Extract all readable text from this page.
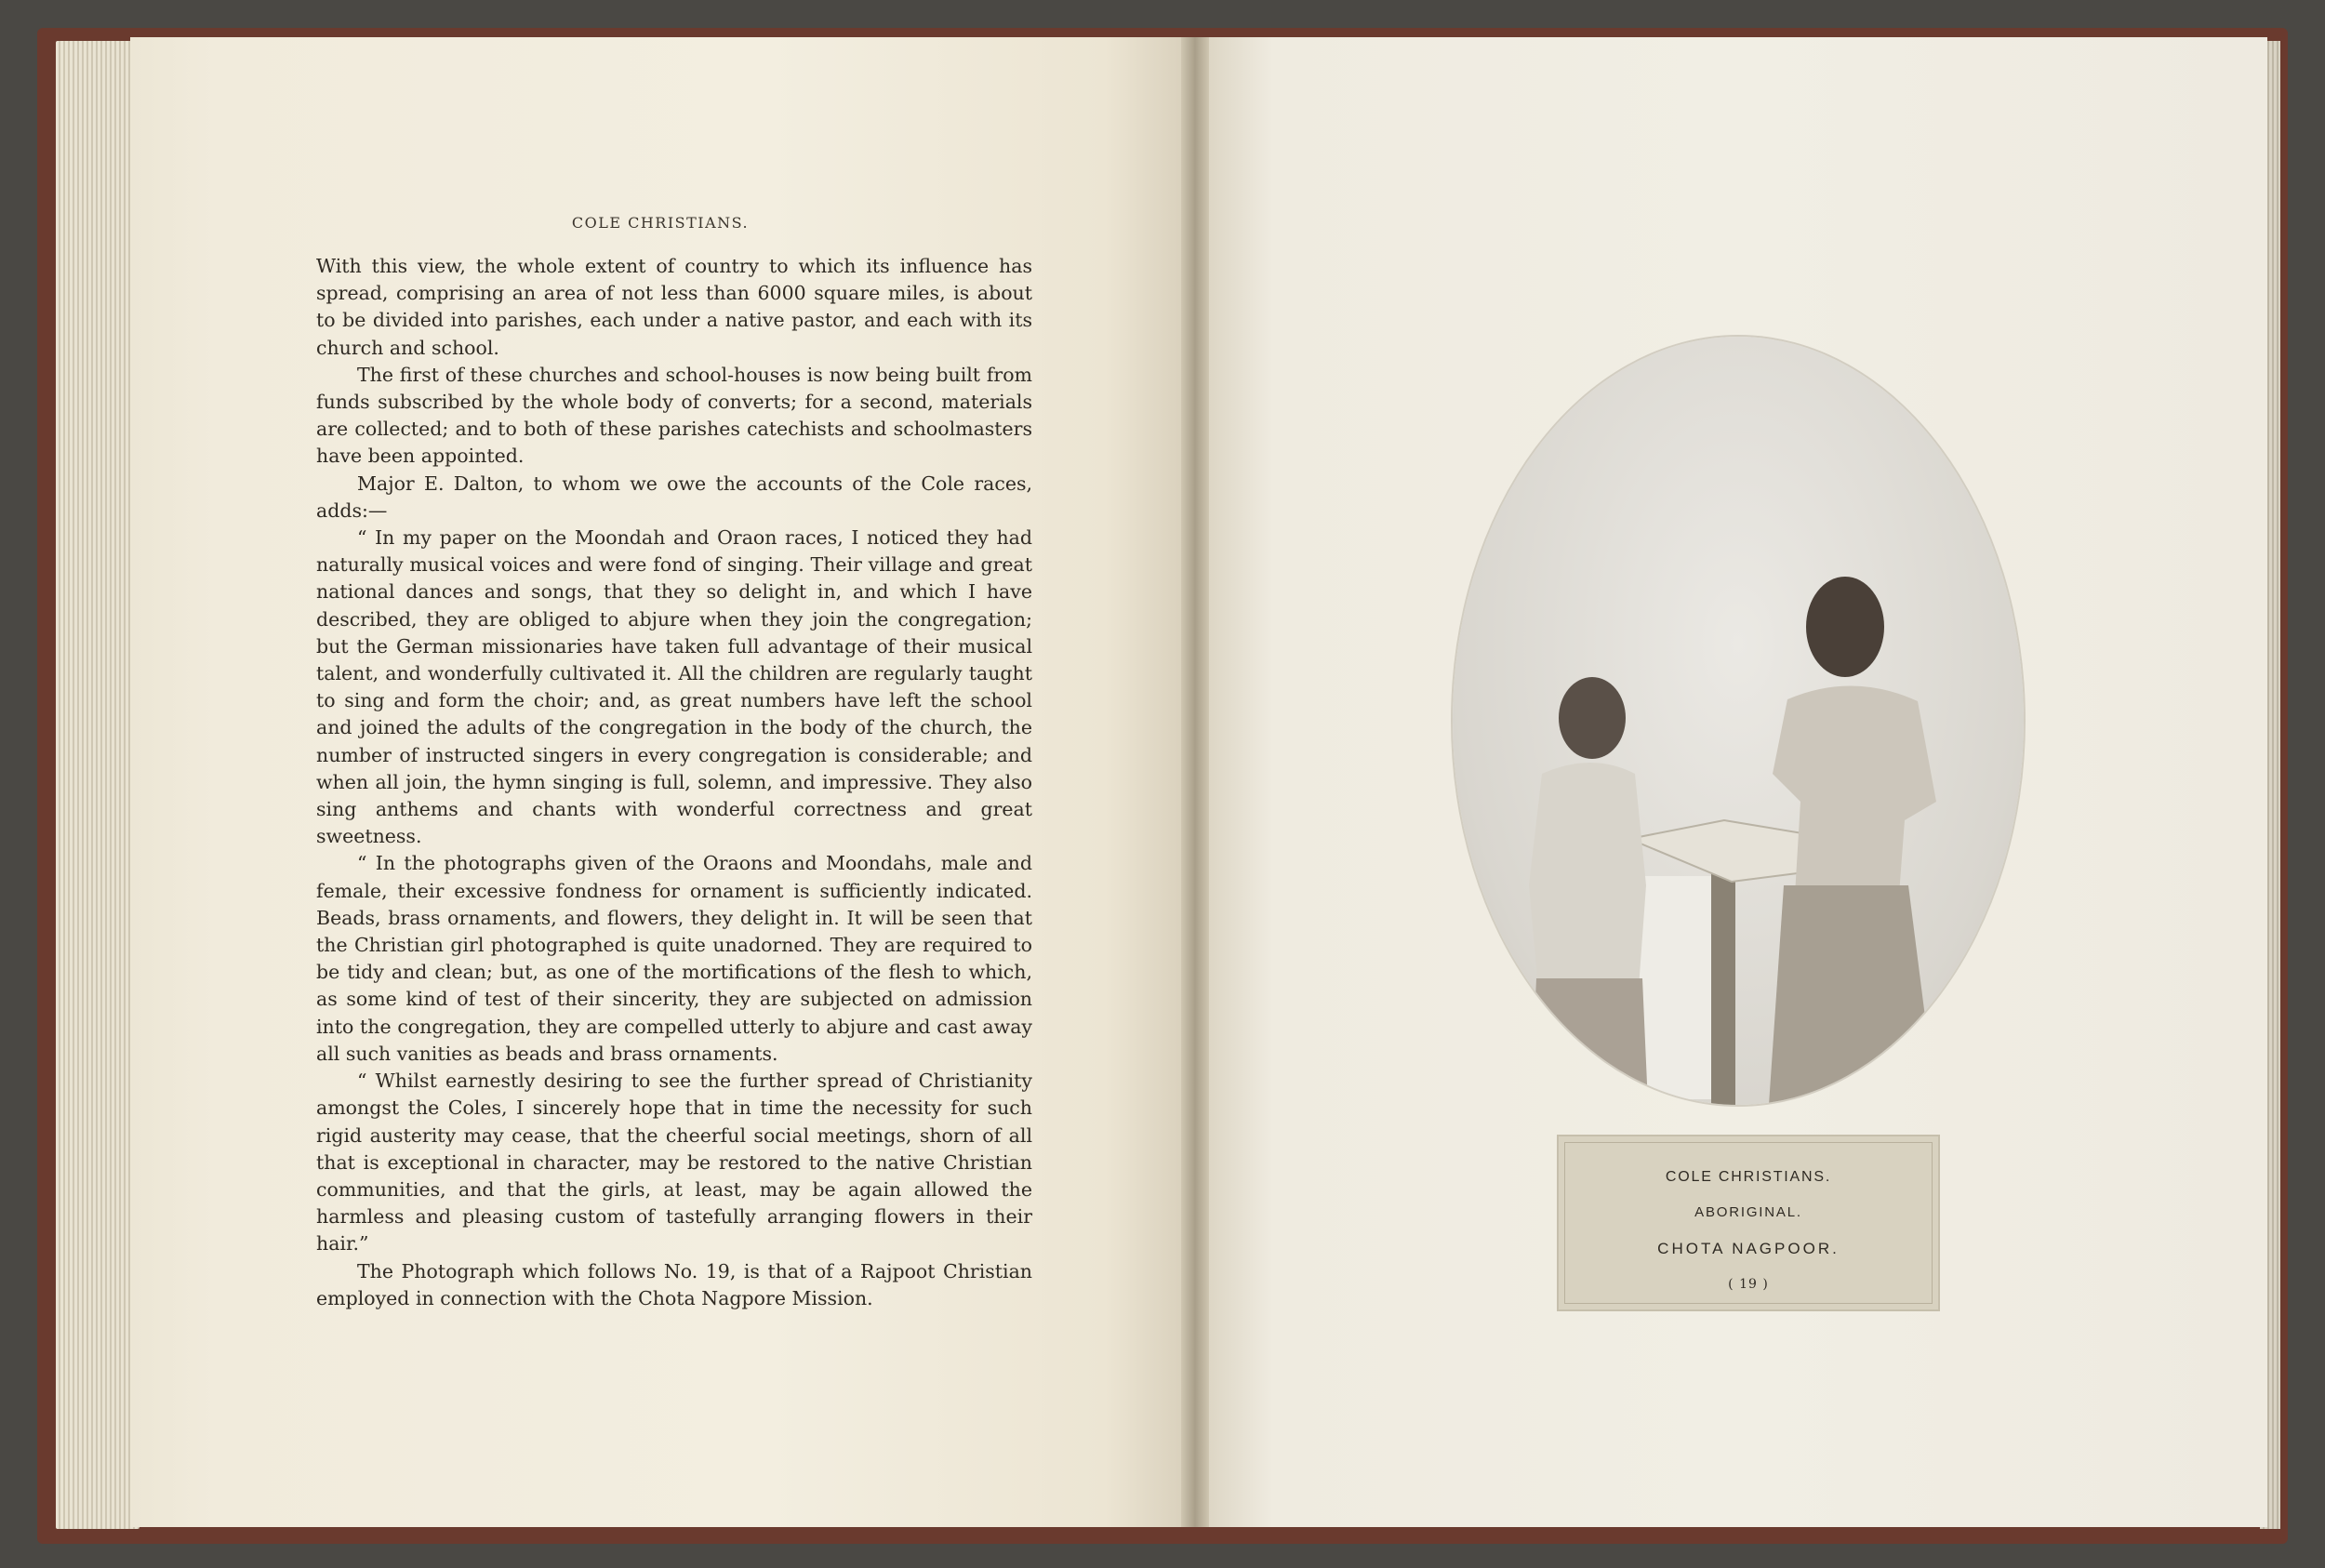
COLE CHRISTIANS.

With this view, the whole extent of country to which its influence has spread, comprising an area of not less than 6000 square miles, is about to be divided into parishes, each under a native pastor, and each with its church and school.

The first of these churches and school-houses is now being built from funds subscribed by the whole body of converts; for a second, materials are collected; and to both of these parishes catechists and schoolmasters have been appointed.

Major E. Dalton, to whom we owe the accounts of the Cole races, adds:—

“ In my paper on the Moondah and Oraon races, I noticed they had naturally musical voices and were fond of singing. Their village and great national dances and songs, that they so delight in, and which I have described, they are obliged to abjure when they join the congregation; but the German missionaries have taken full advantage of their musical talent, and wonderfully cultivated it. All the children are regularly taught to sing and form the choir; and, as great numbers have left the school and joined the adults of the congregation in the body of the church, the number of instructed singers in every congregation is considerable; and when all join, the hymn singing is full, solemn, and impressive. They also sing anthems and chants with wonderful correctness and great sweetness.

“ In the photographs given of the Oraons and Moondahs, male and female, their excessive fondness for ornament is sufficiently indicated. Beads, brass ornaments, and flowers, they delight in. It will be seen that the Christian girl photographed is quite unadorned. They are required to be tidy and clean; but, as one of the mortifications of the flesh to which, as some kind of test of their sincerity, they are subjected on admission into the congregation, they are compelled utterly to abjure and cast away all such vanities as beads and brass ornaments.

“ Whilst earnestly desiring to see the further spread of Christianity amongst the Coles, I sincerely hope that in time the necessity for such rigid austerity may cease, that the cheerful social meetings, shorn of all that is exceptional in character, may be restored to the native Christian communities, and that the girls, at least, may be again allowed the harmless and pleasing custom of tastefully arranging flowers in their hair.”

The Photograph which follows No. 19, is that of a Rajpoot Christian employed in connection with the Chota Nagpore Mission.

COLE CHRISTIANS.
ABORIGINAL.
CHOTA NAGPOOR.
( 19 )
